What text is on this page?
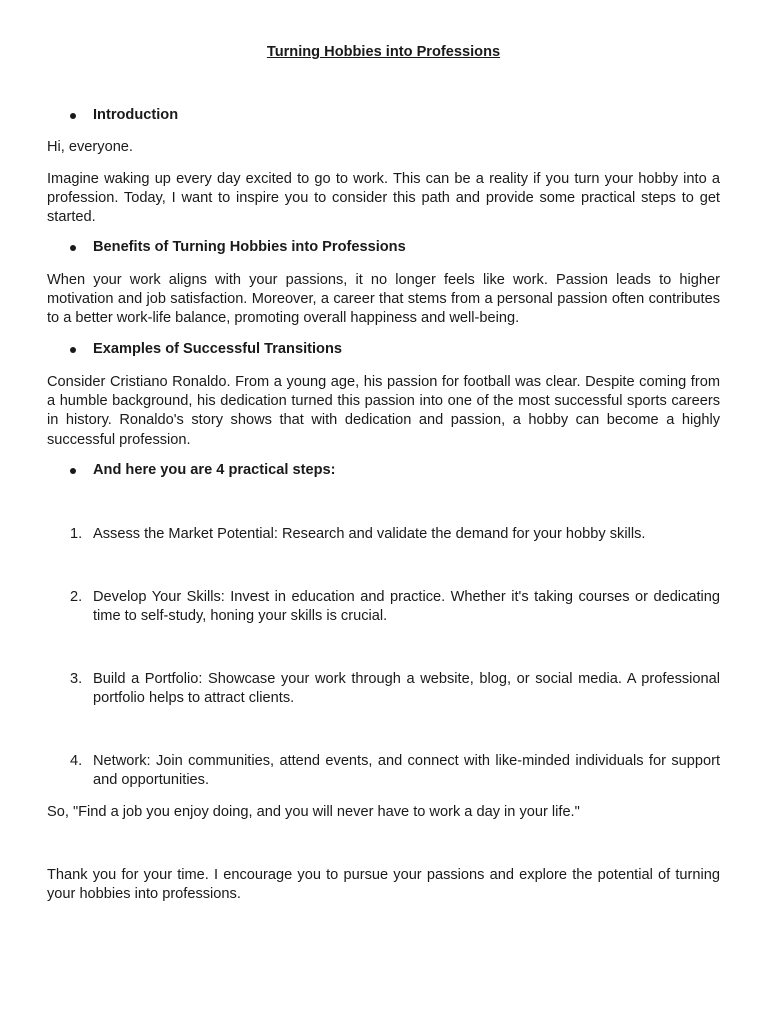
Turning Hobbies into Professions
Introduction
Hi, everyone.
Imagine waking up every day excited to go to work. This can be a reality if you turn your hobby into a profession. Today, I want to inspire you to consider this path and provide some practical steps to get started.
Benefits of Turning Hobbies into Professions
When your work aligns with your passions, it no longer feels like work. Passion leads to higher motivation and job satisfaction. Moreover, a career that stems from a personal passion often contributes to a better work-life balance, promoting overall happiness and well-being.
Examples of Successful Transitions
Consider Cristiano Ronaldo. From a young age, his passion for football was clear. Despite coming from a humble background, his dedication turned this passion into one of the most successful sports careers in history. Ronaldo's story shows that with dedication and passion, a hobby can become a highly successful profession.
And here you are 4 practical steps:
1. Assess the Market Potential: Research and validate the demand for your hobby skills.
2. Develop Your Skills: Invest in education and practice. Whether it's taking courses or dedicating time to self-study, honing your skills is crucial.
3. Build a Portfolio: Showcase your work through a website, blog, or social media. A professional portfolio helps to attract clients.
4. Network: Join communities, attend events, and connect with like-minded individuals for support and opportunities.
So, "Find a job you enjoy doing, and you will never have to work a day in your life."
Thank you for your time. I encourage you to pursue your passions and explore the potential of turning your hobbies into professions.
